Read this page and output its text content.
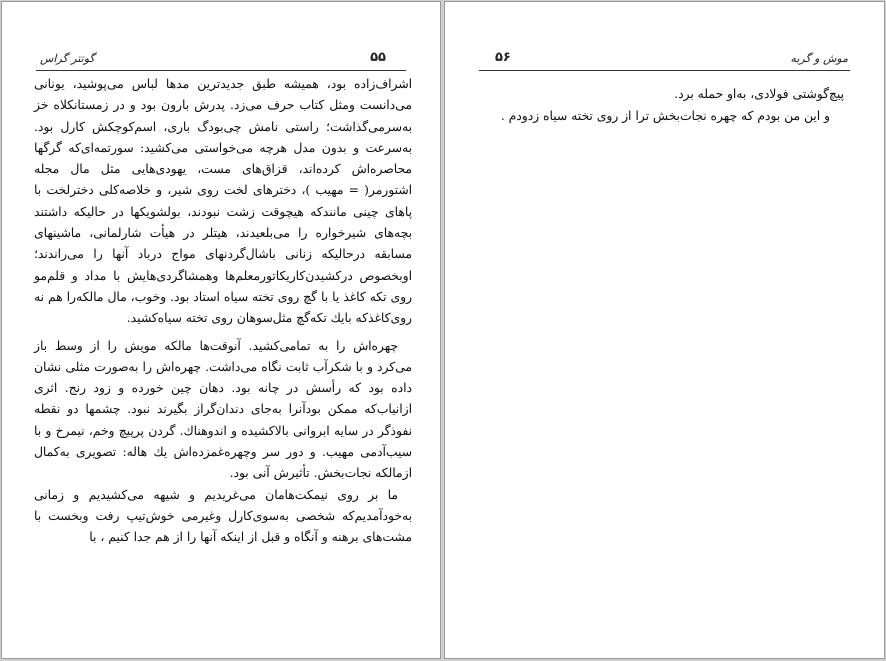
گوتتر گراس	۵۵

اشراف‌زاده بود، همیشه طبق جدیدترین مدها لباس می‌پوشید، یونانی می‌دانست ومثل کتاب حرف می‌زد. پدرش بارون بود و در زمستانکلاه خز به‌سرمی‌گذاشت؛ راستی نامش چی‌بودگ باری، اسم‌کوچکش کارل بود. به‌سرعت و بدون مدل هرچه می‌خواستی می‌کشید: سورتمه‌ای‌که گرگها محاصره‌اش کرده‌اند، قزاق‌های مست، یهودی‌هایی مثل مال مجله اشتورمر( = مهیب )، دخترهای لخت روی شیر، و خلاصه‌کلی دخترلخت با پاهای چینی مانندکه هیچوقت زشت نبودند، بولشویکها در حالیکه داشتند بچه‌های شیرخواره را می‌بلعیدند، هیتلر در هیأت شارلمانی، ماشینهای مسابقه درحالیکه زنانی باشال‌گردنهای مواج درباد آنها را می‌راندند؛ اوبخصوص درکشیدن‌کاریکاتورمعلم‌ها وهمشاگردی‌هایش با مداد و قلم‌مو روی تکه کاغذ یا با گچ روی تخته سیاه استاد بود. وخوب، مال مالکه‌را هم نه روی‌کاغذکه بایك تکه‌گچ مثل‌سوهان روی تخته سیاه‌کشید.

چهره‌اش را به تمامی‌کشید. آنوقت‌ها مالکه مویش را از وسط باز می‌کرد و با شکرآب ثابت نگاه می‌داشت. چهره‌اش را به‌صورت مثلی نشان داده بود که رأسش در چانه بود. دهان چین خورده و زود رنج. اثری ازانیاب‌که ممکن بودآنرا به‌جای دندان‌گراز بگیرند نبود. چشمها دو نقطه نفوذگر در سایه ابروانی بالاکشیده و اندوهناك. گردن پرپیچ وخم، نیمرخ و با سیب‌آدمی مهیب. و دور سر وچهره‌غمزده‌اش یك هاله: تصویری به‌کمال ازمالکه نجات‌بخش. تأثیرش آنی بود.

ما بر روی نیمکت‌هامان می‌غریدیم و شیهه می‌کشیدیم و زمانی به‌خودآمدیم‌که شخصی به‌سوی‌کارل وغیرمی خوش‌تیپ رفت وبخست با مشت‌های برهنه و آنگاه و قبل از اینکه آنها را از هم جدا کنیم ، با

۵۶	موش و گربه

پیچ‌گوشتی فولادی، به‌او حمله برد.

و این من بودم که چهره نجات‌بخش ترا از روی تخته سیاه زدودم .
